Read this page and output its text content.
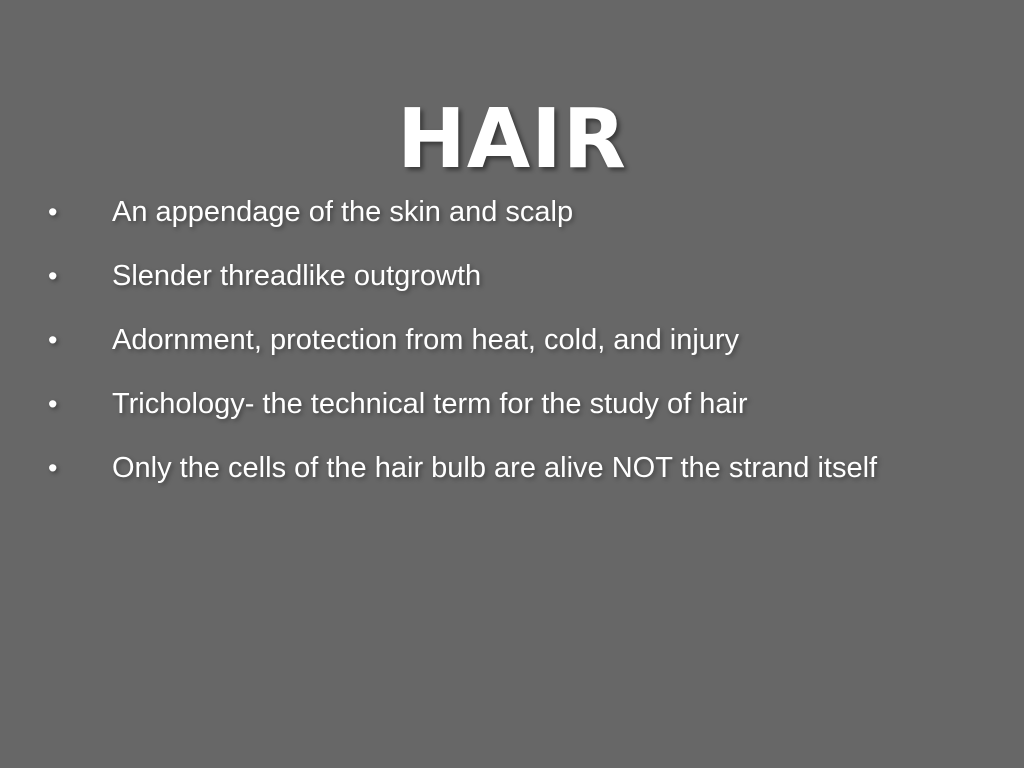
HAIR
•	An appendage of the skin and scalp
•	Slender threadlike outgrowth
•	Adornment, protection from heat, cold, and injury
•	Trichology- the technical term for the study of hair
•	Only the cells of the hair bulb are alive NOT the strand itself
